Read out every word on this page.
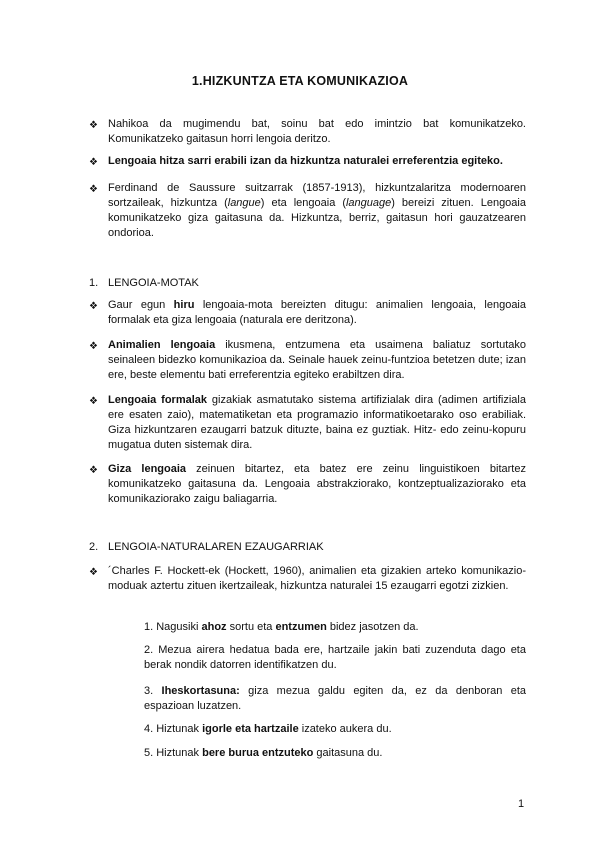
1.HIZKUNTZA ETA KOMUNIKAZIOA
❖ Nahikoa da mugimendu bat, soinu bat edo imintzio bat komunikatzeko. Komunikatzeko gaitasun horri lengoia deritzo.
❖ Lengoaia hitza sarri erabili izan da hizkuntza naturalei erreferentzia egiteko.
❖ Ferdinand de Saussure suitzarrak (1857-1913), hizkuntzalaritza modernoaren sortzaileak, hizkuntza (langue) eta lengoaia (language) bereizi zituen. Lengoaia komunikatzeko giza gaitasuna da. Hizkuntza, berriz, gaitasun hori gauzatzearen ondorioa.
1. LENGOIA-MOTAK
❖ Gaur egun hiru lengoaia-mota bereizten ditugu: animalien lengoaia, lengoaia formalak eta giza lengoaia (naturala ere deritzona).
❖ Animalien lengoaia ikusmena, entzumena eta usaimena baliatuz sortutako seinaleen bidezko komunikazioa da. Seinale hauek zeinu-funtzioa betetzen dute; izan ere, beste elementu bati erreferentzia egiteko erabiltzen dira.
❖ Lengoaia formalak gizakiak asmatutako sistema artifizialak dira (adimen artifiziala ere esaten zaio), matematiketan eta programazio informatikoetarako oso erabiliak. Giza hizkuntzaren ezaugarri batzuk dituzte, baina ez guztiak. Hitz- edo zeinu-kopuru mugatua duten sistemak dira.
❖ Giza lengoaia zeinuen bitartez, eta batez ere zeinu linguistikoen bitartez komunikatzeko gaitasuna da. Lengoaia abstrakziorako, kontzeptualizaziorako eta komunikaziorako zaigu baliagarria.
2. LENGOIA-NATURALAREN EZAUGARRIAK
❖ ´Charles F. Hockett-ek (Hockett, 1960), animalien eta gizakien arteko komunikazio-moduak aztertu zituen ikertzaileak, hizkuntza naturalei 15 ezaugarri egotzi zizkien.
1. Nagusiki ahoz sortu eta entzumen bidez jasotzen da.
2. Mezua airera hedatua bada ere, hartzaile jakin bati zuzenduta dago eta berak nondik datorren identifikatzen du.
3. Iheskortasuna: giza mezua galdu egiten da, ez da denboran eta espazioan luzatzen.
4. Hiztunak igorle eta hartzaile izateko aukera du.
5. Hiztunak bere burua entzuteko gaitasuna du.
1
